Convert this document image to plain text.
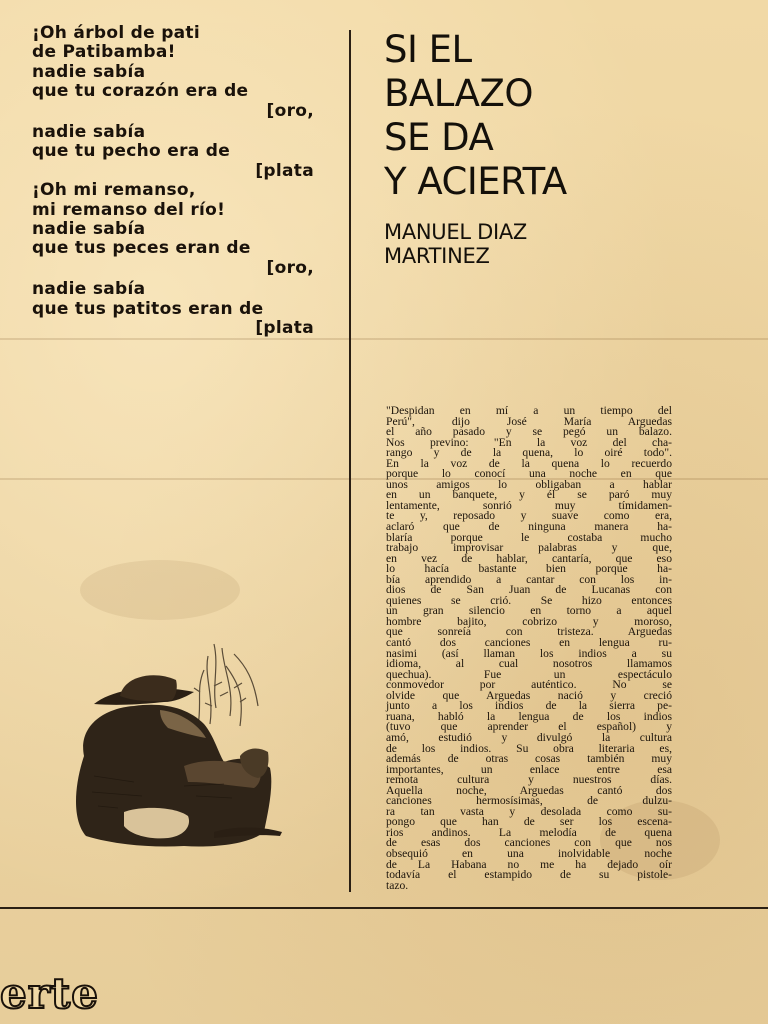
¡Oh árbol de pati
de Patibamba!
nadie sabía
que tu corazón era de
[oro,
nadie sabía
que tu pecho era de
[plata
¡Oh mi remanso,
mi remanso del río!
nadie sabía
que tus peces eran de
[oro,
nadie sabía
que tus patitos eran de
[plata
SI EL
BALAZO
SE DA
Y ACIERTA
MANUEL DIAZ
MARTINEZ
"Despidan en mí a un tiempo del
Perú", dijo José María Arguedas
el año pasado y se pegó un balazo.
Nos previno: "En la voz del cha-
rango y de la quena, lo oiré todo".
En la voz de la quena lo recuerdo
porque lo conocí una noche en que
unos amigos lo obligaban a hablar
en un banquete, y él se paró muy
lentamente, sonrió muy tímidamen-
te y, reposado y suave como era,
aclaró que de ninguna manera ha-
blaría porque le costaba mucho
trabajo improvisar palabras y que,
en vez de hablar, cantaría, que eso
lo hacía bastante bien porque ha-
bía aprendido a cantar con los in-
dios de San Juan de Lucanas con
quienes se crió. Se hizo entonces
un gran silencio en torno a aquel
hombre bajito, cobrizo y moroso,
que sonreía con tristeza. Arguedas
cantó dos canciones en lengua ru-
nasimi (así llaman los indios a su
idioma, al cual nosotros llamamos
quechua). Fue un espectáculo
conmovedor por auténtico. No se
olvide que Arguedas nació y creció
junto a los indios de la sierra pe-
ruana, habló la lengua de los indios
(tuvo que aprender el español) y
amó, estudió y divulgó la cultura
de los indios. Su obra literaria es,
además de otras cosas también muy
importantes, un enlace entre esa
remota cultura y nuestros días.
Aquella noche, Arguedas cantó dos
canciones hermosísimas, de dulzu-
ra tan vasta y desolada como su-
pongo que han de ser los escena-
rios andinos. La melodía de quena
de esas dos canciones con que nos
obsequió en una inolvidable noche
de La Habana no me ha dejado oír
todavía el estampido de su pistole-
tazo.
erte
